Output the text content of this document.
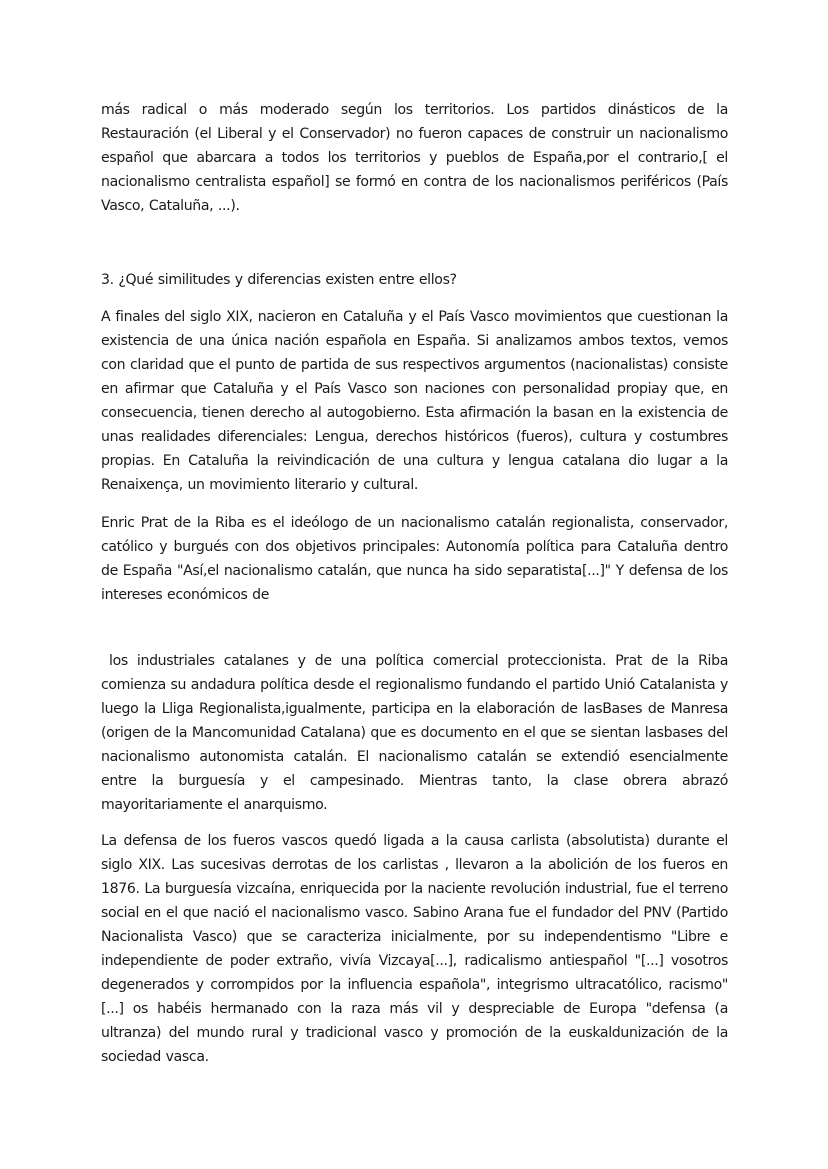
más radical o más moderado según los territorios. Los partidos dinásticos de la Restauración (el Liberal y el Conservador) no fueron capaces de construir un nacionalismo español que abarcara a todos los territorios y pueblos de España,por el contrario,[ el nacionalismo centralista español] se formó en contra de los nacionalismos periféricos (País Vasco, Cataluña, ...).

3. ¿Qué similitudes y diferencias existen entre ellos?

A finales del siglo XIX, nacieron en Cataluña y el País Vasco movimientos que cuestionan la existencia de una única nación española en España. Si analizamos ambos textos, vemos con claridad que el punto de partida de sus respectivos argumentos (nacionalistas) consiste en afirmar que Cataluña y el País Vasco son naciones con personalidad propiay que, en consecuencia, tienen derecho al autogobierno. Esta afirmación la basan en la existencia de unas realidades diferenciales: Lengua, derechos históricos (fueros), cultura y costumbres propias. En Cataluña la reivindicación de una cultura y lengua catalana dio lugar a la Renaixença, un movimiento literario y cultural.

Enric Prat de la Riba es el ideólogo de un nacionalismo catalán regionalista, conservador, católico y burgués con dos objetivos principales: Autonomía política para Cataluña dentro de España "Así,el nacionalismo catalán, que nunca ha sido separatista[...]" Y defensa de los intereses económicos de

los industriales catalanes y de una política comercial proteccionista. Prat de la Riba comienza su andadura política desde el regionalismo fundando el partido Unió Catalanista y luego la Lliga Regionalista,igualmente, participa en la elaboración de lasBases de Manresa (origen de la Mancomunidad Catalana) que es documento en el que se sientan lasbases del nacionalismo autonomista catalán. El nacionalismo catalán se extendió esencialmente entre la burguesía y el campesinado. Mientras tanto, la clase obrera abrazó mayoritariamente el anarquismo.

La defensa de los fueros vascos quedó ligada a la causa carlista (absolutista) durante el siglo XIX. Las sucesivas derrotas de los carlistas , llevaron a la abolición de los fueros en 1876. La burguesía vizcaína, enriquecida por la naciente revolución industrial, fue el terreno social en el que nació el nacionalismo vasco. Sabino Arana fue el fundador del PNV (Partido Nacionalista Vasco) que se caracteriza inicialmente, por su independentismo "Libre e independiente de poder extraño, vivía Vizcaya[...], radicalismo antiespañol "[...] vosotros degenerados y corrompidos por la influencia española", integrismo ultracatólico, racismo"[...] os habéis hermanado con la raza más vil y despreciable de Europa "defensa (a ultranza) del mundo rural y tradicional vasco y promoción de la euskaldunización de la sociedad vasca.
